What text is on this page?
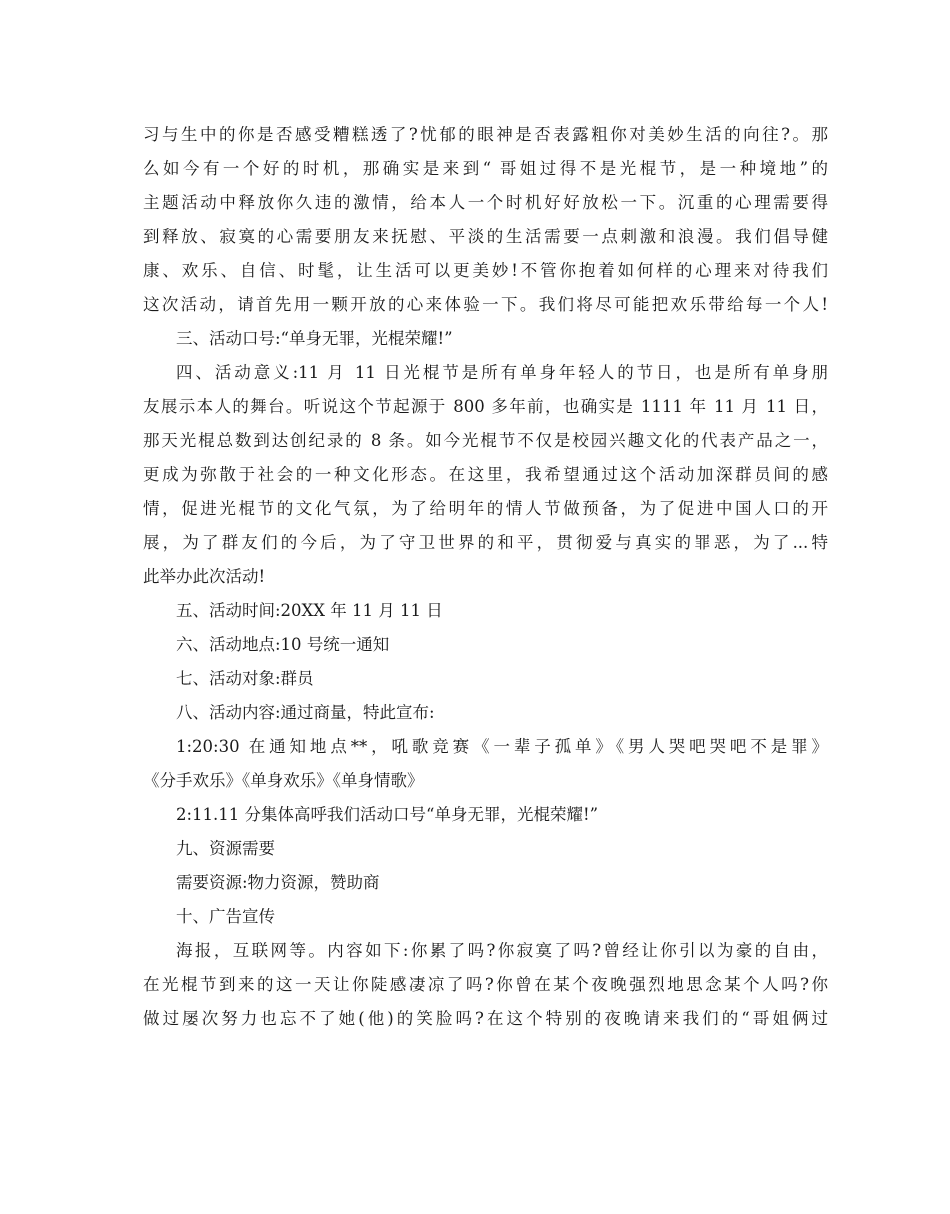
习与生中的你是否感受糟糕透了?忧郁的眼神是否表露粗你对美妙生活的向往?。那
么如今有一个好的时机，那确实是来到“ 哥姐过得不是光棍节，是一种境地”的
主题活动中释放你久违的激情，给本人一个时机好好放松一下。沉重的心理需要得
到释放、寂寞的心需要朋友来抚慰、平淡的生活需要一点刺激和浪漫。我们倡导健
康、欢乐、自信、时髦，让生活可以更美妙!不管你抱着如何样的心理来对待我们
这次活动，请首先用一颗开放的心来体验一下。我们将尽可能把欢乐带给每一个人!
三、活动口号:“单身无罪，光棍荣耀!”
四、活动意义:11 月 11 日光棍节是所有单身年轻人的节日，也是所有单身朋
友展示本人的舞台。听说这个节起源于 800 多年前，也确实是 1111 年 11 月 11 日，
那天光棍总数到达创纪录的 8 条。如今光棍节不仅是校园兴趣文化的代表产品之一，
更成为弥散于社会的一种文化形态。在这里，我希望通过这个活动加深群员间的感
情，促进光棍节的文化气氛，为了给明年的情人节做预备，为了促进中国人口的开
展，为了群友们的今后，为了守卫世界的和平，贯彻爱与真实的罪恶，为了...特
此举办此次活动!
五、活动时间:20XX 年 11 月 11 日
六、活动地点:10 号统一通知
七、活动对象:群员
八、活动内容:通过商量，特此宣布:
1:20:30 在通知地点**，吼歌竞赛《一辈子孤单》《男人哭吧哭吧不是罪》
《分手欢乐》《单身欢乐》《单身情歌》
2:11.11 分集体高呼我们活动口号“单身无罪，光棍荣耀!”
九、资源需要
需要资源:物力资源，赞助商
十、广告宣传
海报，互联网等。内容如下:你累了吗?你寂寞了吗?曾经让你引以为豪的自由，
在光棍节到来的这一天让你陡感凄凉了吗?你曾在某个夜晚强烈地思念某个人吗?你
做过屡次努力也忘不了她(他)的笑脸吗?在这个特别的夜晚请来我们的“哥姐俩过
